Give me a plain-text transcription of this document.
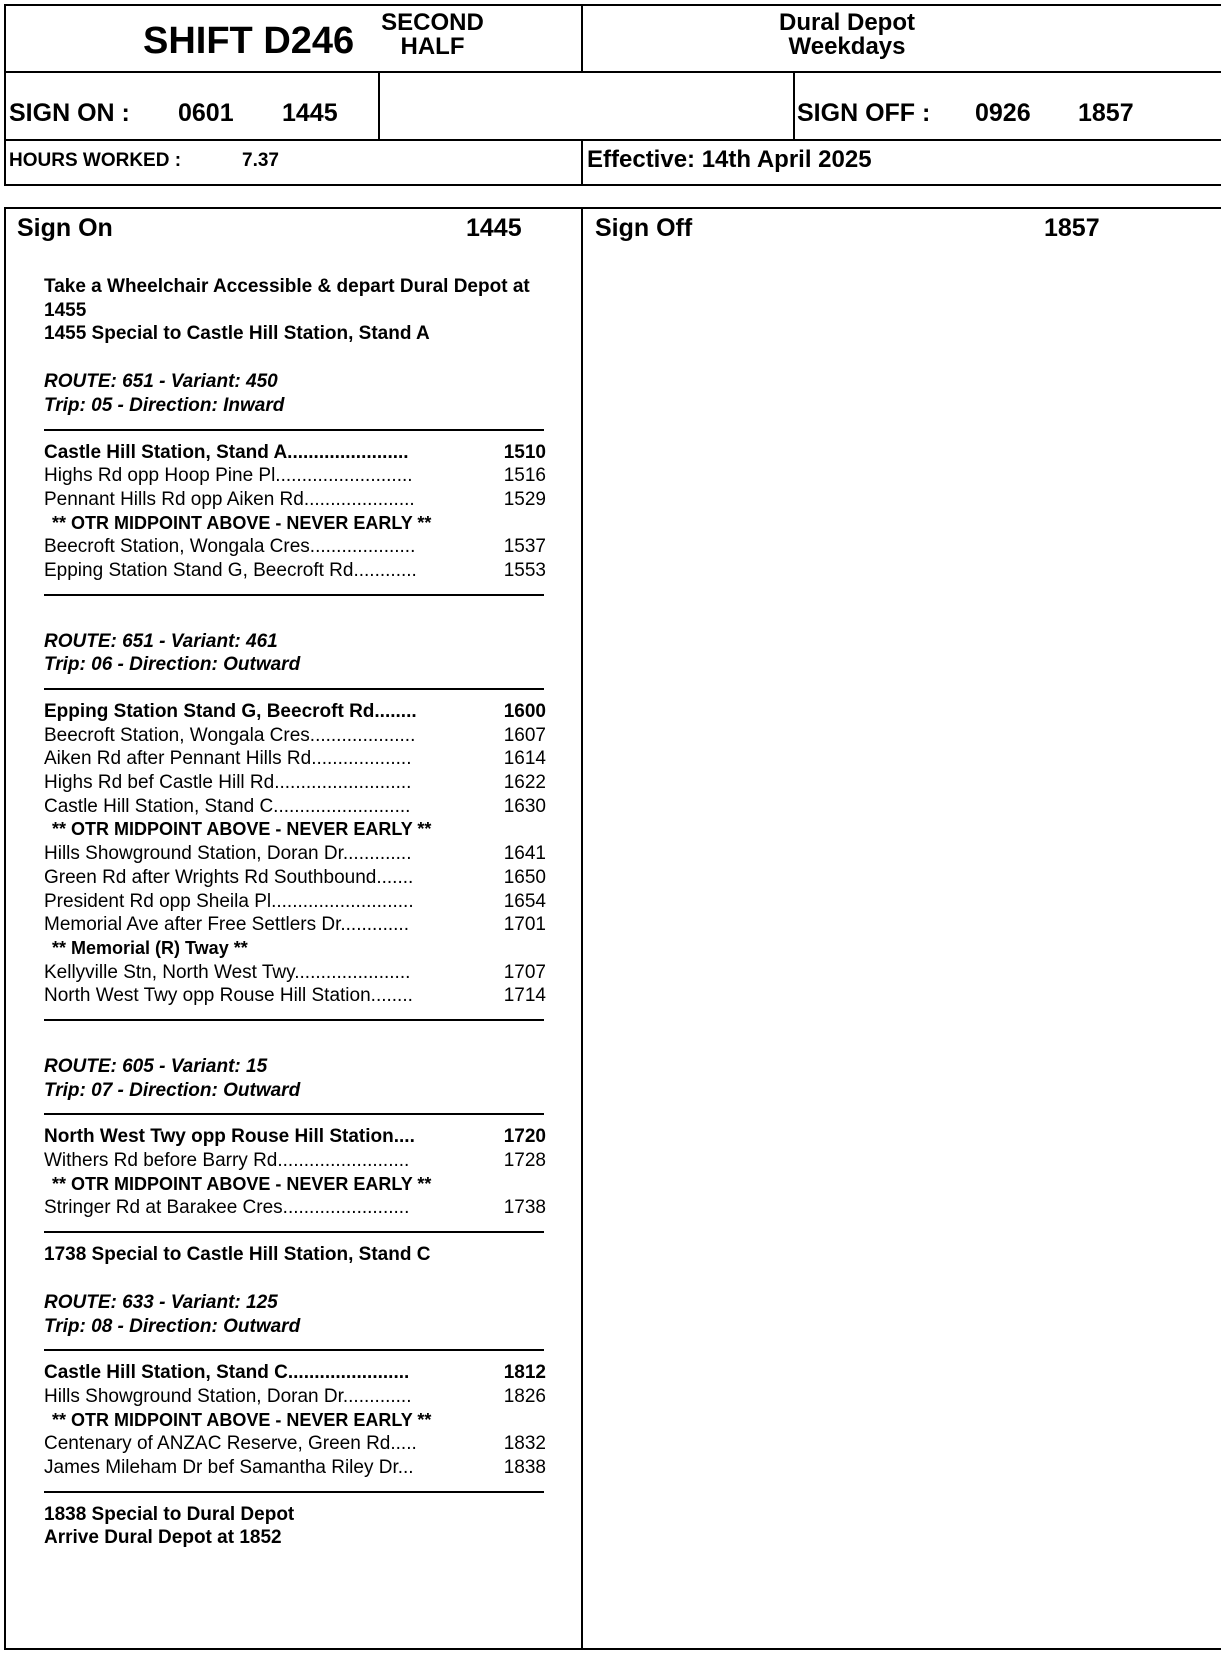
SHIFT D246 SECOND
HALF
Dural Depot
Weekdays
SIGN ON : 0601 1445	SIGN OFF : 0926 1857
HOURS WORKED :	7.37	Effective: 14th April 2025
Sign On	1445	Sign Off	1857
Take a Wheelchair Accessible & depart Dural Depot at
1455
1455 Special to Castle Hill Station, Stand A
ROUTE: 651 - Variant: 450
Trip: 05 - Direction: Inward
Castle Hill Station, Stand A.......................	1510
Highs Rd opp Hoop Pine Pl..........................	1516
Pennant Hills Rd opp Aiken Rd.....................	1529
** OTR MIDPOINT ABOVE - NEVER EARLY **
Beecroft Station, Wongala Cres....................	1537
Epping Station Stand G, Beecroft Rd............	1553
ROUTE: 651 - Variant: 461
Trip: 06 - Direction: Outward
Epping Station Stand G, Beecroft Rd........	1600
Beecroft Station, Wongala Cres....................	1607
Aiken Rd after Pennant Hills Rd...................	1614
Highs Rd bef Castle Hill Rd..........................	1622
Castle Hill Station, Stand C..........................	1630
** OTR MIDPOINT ABOVE - NEVER EARLY **
Hills Showground Station, Doran Dr.............	1641
Green Rd after Wrights Rd Southbound.......	1650
President Rd opp Sheila Pl...........................	1654
Memorial Ave after Free Settlers Dr.............	1701
** Memorial (R) Tway **
Kellyville Stn, North West Twy......................	1707
North West Twy opp Rouse Hill Station........	1714
ROUTE: 605 - Variant: 15
Trip: 07 - Direction: Outward
North West Twy opp Rouse Hill Station....	1720
Withers Rd before Barry Rd.........................	1728
** OTR MIDPOINT ABOVE - NEVER EARLY **
Stringer Rd at Barakee Cres........................	1738
1738 Special to Castle Hill Station, Stand C
ROUTE: 633 - Variant: 125
Trip: 08 - Direction: Outward
Castle Hill Station, Stand C.......................	1812
Hills Showground Station, Doran Dr.............	1826
** OTR MIDPOINT ABOVE - NEVER EARLY **
Centenary of ANZAC Reserve, Green Rd.....	1832
James Mileham Dr bef Samantha Riley Dr...	1838
1838 Special to Dural Depot
Arrive Dural Depot at 1852
